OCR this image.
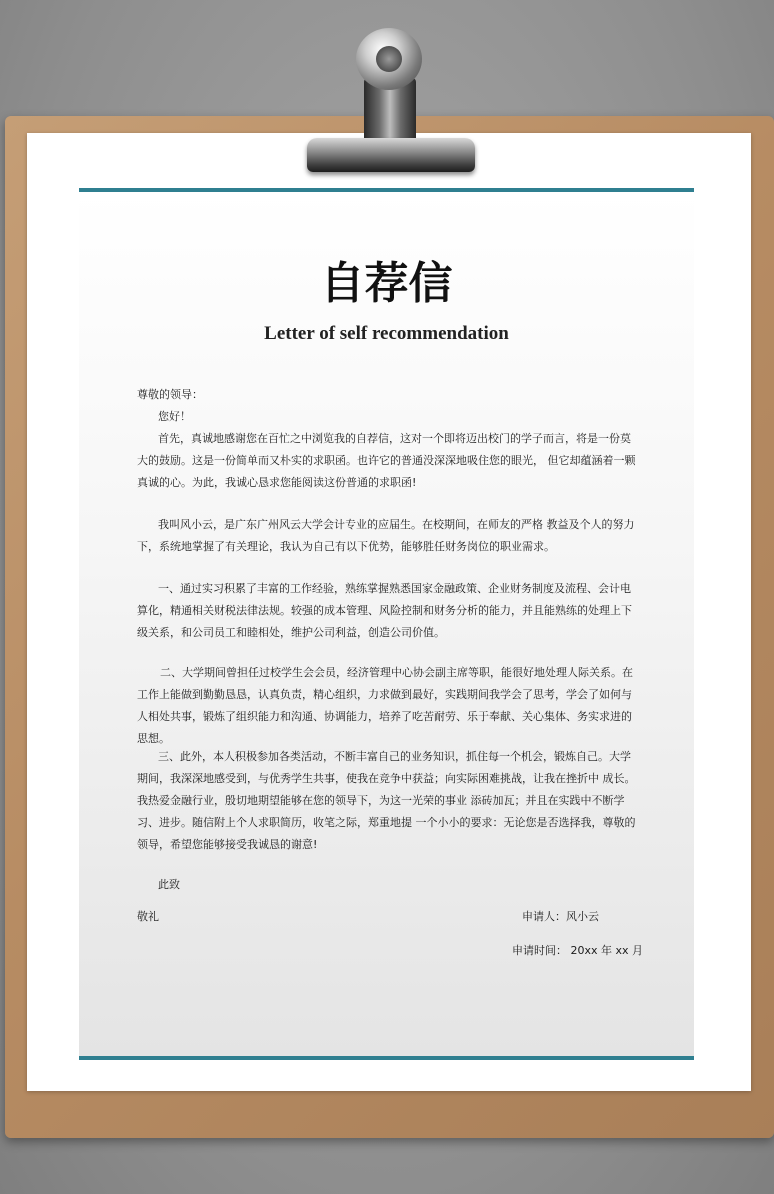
自荐信
Letter of self recommendation
尊敬的领导：
您好！
首先，真诚地感谢您在百忙之中浏览我的自荐信，这对一个即将迈出校门的学子而言，将是一份莫大的鼓励。这是一份简单而又朴实的求职函。也许它的普通没深深地吸住您的眼光， 但它却蕴涵着一颗真诚的心。为此，我诚心恳求您能阅读这份普通的求职函!
我叫风小云，是广东广州风云大学会计专业的应届生。在校期间，在师友的严格 教益及个人的努力下，系统地掌握了有关理论，我认为自己有以下优势，能够胜任财务岗位的职业需求。
一、通过实习积累了丰富的工作经验，熟练掌握熟悉国家金融政策、企业财务制度及流程、会计电算化，精通相关财税法律法规。较强的成本管理、风险控制和财务分析的能力，并且能熟练的处理上下级关系，和公司员工和睦相处，维护公司利益，创造公司价值。
二、大学期间曾担任过校学生会会员，经济管理中心协会副主席等职，能很好地处理人际关系。在工作上能做到勤勤恳恳，认真负责，精心组织，力求做到最好，实践期间我学会了思考，学会了如何与人相处共事，锻炼了组织能力和沟通、协调能力，培养了吃苦耐劳、乐于奉献、关心集体、务实求进的思想。
三、此外，本人积极参加各类活动，不断丰富自己的业务知识，抓住每一个机会，锻炼自己。大学期间，我深深地感受到，与优秀学生共事，使我在竞争中获益；向实际困难挑战，让我在挫折中 成长。我热爱金融行业，殷切地期望能够在您的领导下，为这一光荣的事业 添砖加瓦；并且在实践中不断学习、进步。随信附上个人求职简历，收笔之际，郑重地提 一个小小的要求：无论您是否选择我，尊敬的领导，希望您能够接受我诚恳的谢意!
此致
敬礼	申请人：风小云
申请时间： 20xx 年 xx 月
